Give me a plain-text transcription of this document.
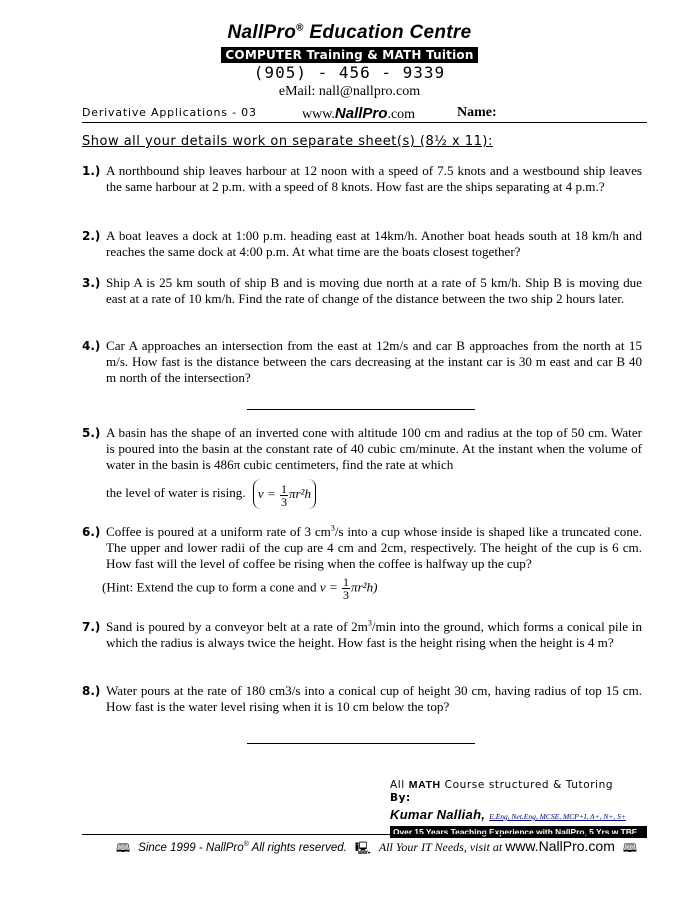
NallPro® Education Centre
COMPUTER Training & MATH Tuition
(905) - 456 - 9339
eMail: nall@nallpro.com
Derivative Applications - 03	www.NallPro.com	Name:
Show all your details work on separate sheet(s) (8½ x 11):
1.) A northbound ship leaves harbour at 12 noon with a speed of 7.5 knots and a westbound ship leaves the same harbour at 2 p.m. with a speed of 8 knots. How fast are the ships separating at 4 p.m.?
2.) A boat leaves a dock at 1:00 p.m. heading east at 14km/h. Another boat heads south at 18 km/h and reaches the same dock at 4:00 p.m. At what time are the boats closest together?
3.) Ship A is 25 km south of ship B and is moving due north at a rate of 5 km/h. Ship B is moving due east at a rate of 10 km/h. Find the rate of change of the distance between the two ship 2 hours later.
4.) Car A approaches an intersection from the east at 12m/s and car B approaches from the north at 15 m/s. How fast is the distance between the cars decreasing at the instant car is 30 m east and car B 40 m north of the intersection?
5.) A basin has the shape of an inverted cone with altitude 100 cm and radius at the top of 50 cm. Water is poured into the basin at the constant rate of 40 cubic cm/minute. At the instant when the volume of water in the basin is 486π cubic centimeters, find the rate at which
the level of water is rising. $v = \frac{1}{3} \pi r^2h$
6.) Coffee is poured at a uniform rate of 3 $cm^3/s$ into a cup whose inside is shaped like a truncated cone. The upper and lower radii of the cup are 4 cm and 2cm, respectively. The height of the cup is 6 cm. How fast will the level of coffee be rising when the coffee is halfway up the cup?
(Hint: Extend the cup to form a cone and $v = \frac{1}{3} \pi r^2h$)
7.) Sand is poured by a conveyor belt at a rate of $2m^3/\min$ into the ground, which forms a conical pile in which the radius is always twice the height. How fast is the height rising when the height is 4 m?
8.) Water pours at the rate of 180 cm3/s into a conical cup of height 30 cm, having radius of top 15 cm. How fast is the water level rising when it is 10 cm below the top?
All MATH Course structured & Tutoring
By:
Kumar Nalliah, E.Eng, Net.Eng, MCSE, MCP+I, A+, N+, S+
Over 15 Years Teaching Experience with NallPro, 5 Yrs w TBE
🕮 Since 1999 - NallPro® All rights reserved. 🖳 All Your IT Needs, visit at www.NallPro.com 🕮
